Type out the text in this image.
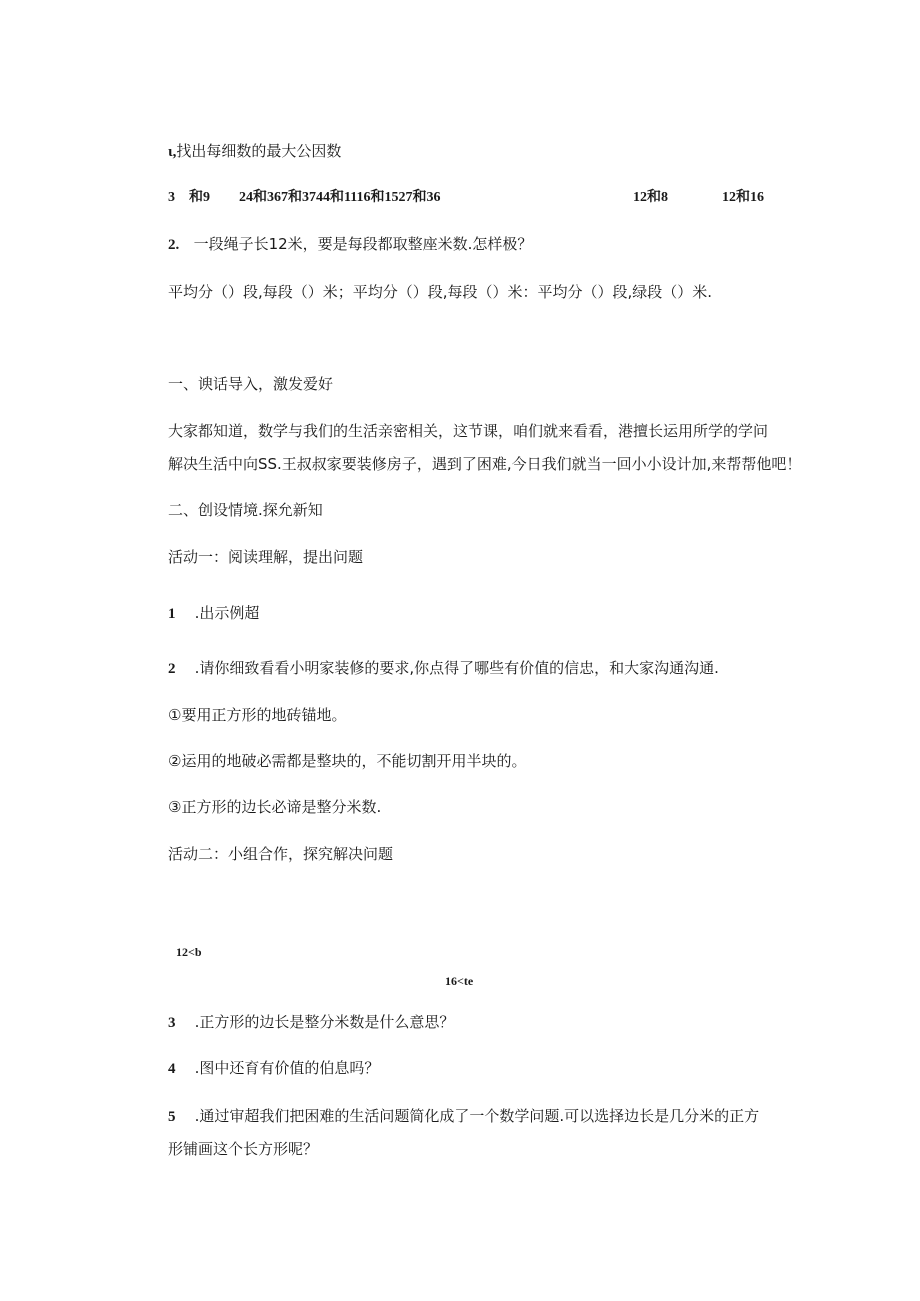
ι,找出每细数的最大公因数
3　和9 24和367和3744和1116和1527和36	12和8	12和16
2. 一段绳子长12米，要是每段都取整座米数.怎样极？
平均分（）段,每段（）米；平均分（）段,每段（）米：平均分（）段,绿段（）米.
一、谀话导入，激发爱好
大家都知道，数学与我们的生活亲密相关，这节课，咱们就来看看，港擅长运用所学的学问
解决生活中向SS.王叔叔家要装修房子，遇到了困难,今日我们就当一回小小设计加,来帮帮他吧！
二、创设情境.探允新知
活动一：阅读理解，提出问题
1 .出示例超
2 .请你细致看看小明家装修的要求,你点得了哪些有价值的信忠，和大家沟通沟通.
①要用正方形的地砖锚地。
②运用的地破必需都是整块的，不能切割开用半块的。
③正方形的边长必谛是整分米数.
活动二：小组合作，探究解决问题
12<b
16<te
3 .正方形的边长是整分米数是什么意思？
4 .图中还育有价值的伯息吗？
5 .通过审超我们把困难的生活问题简化成了一个数学问题.可以选择边长是几分米的正方
形铺画这个长方形呢？
